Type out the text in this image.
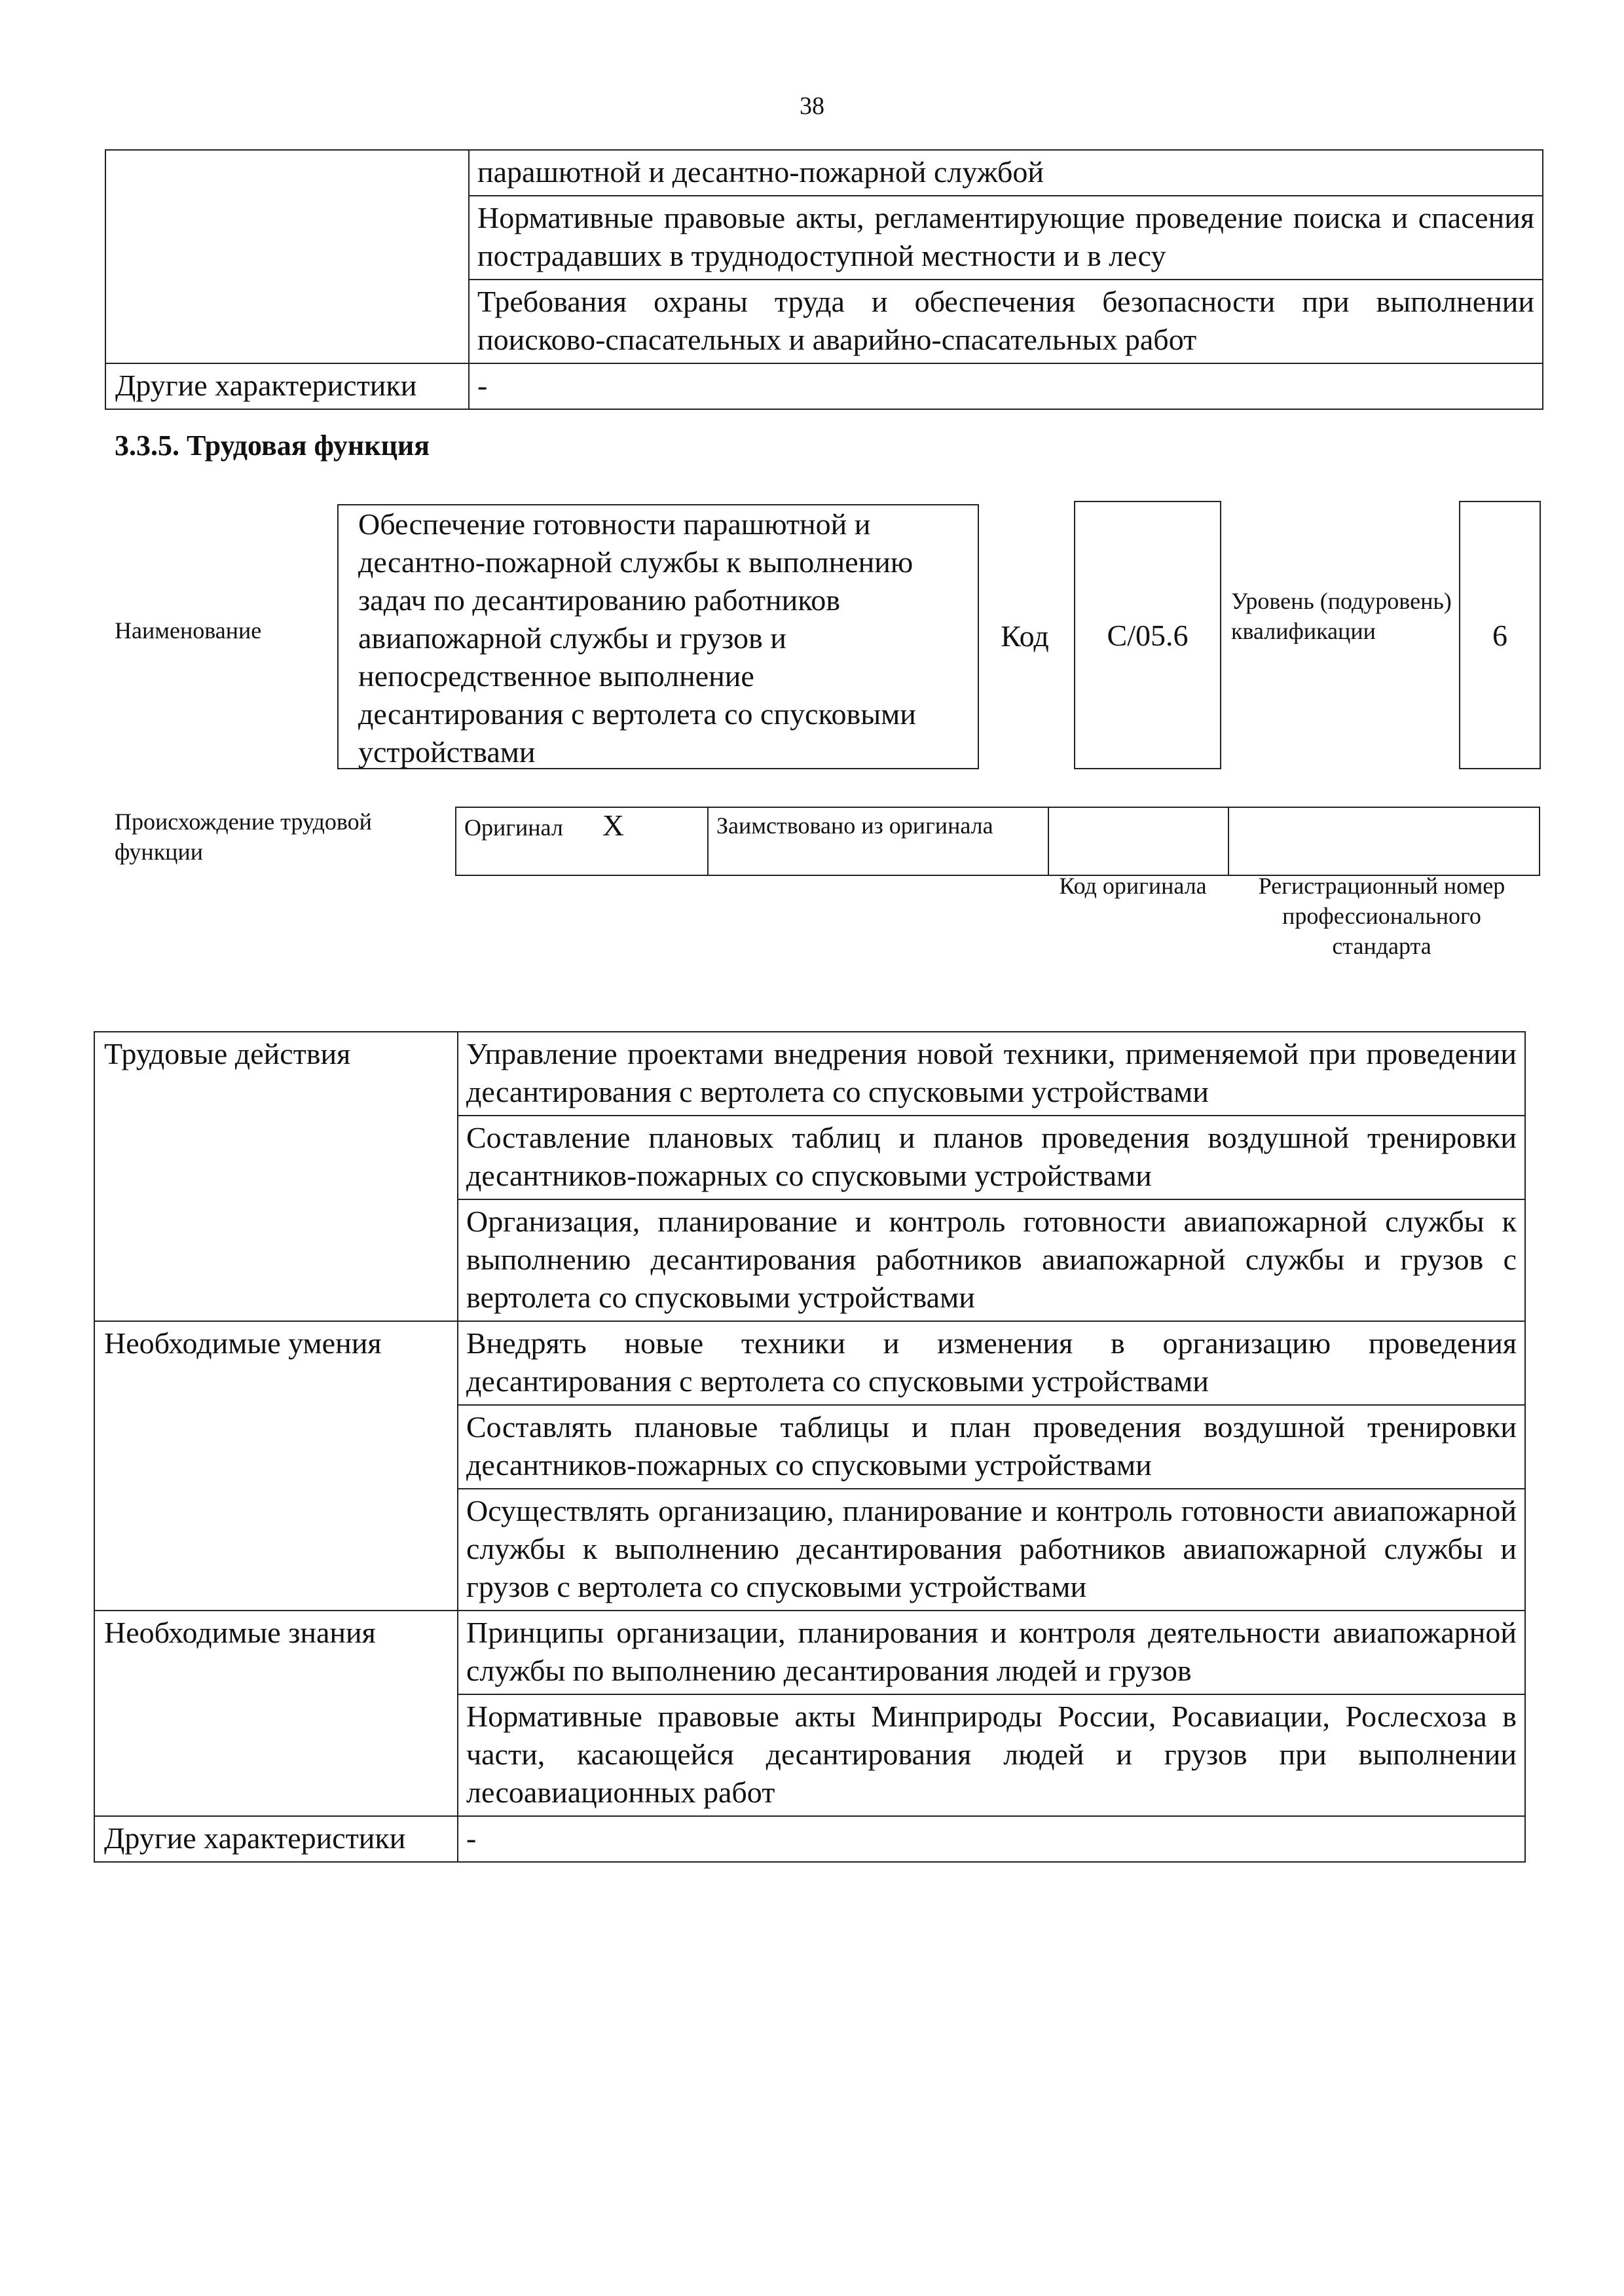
38
	парашютной и десантно-пожарной службой
	Нормативные правовые акты, регламентирующие проведение поиска и спасения пострадавших в труднодоступной местности и в лесу
	Требования охраны труда и обеспечения безопасности при выполнении поисково-спасательных и аварийно-спасательных работ
Другие характеристики	-
3.3.5. Трудовая функция
Наименование
Обеспечение готовности парашютной и десантно-пожарной службы к выполнению задач по десантированию работников авиапожарной службы и грузов и непосредственное выполнение десантирования с вертолета со спусковыми устройствами
Код	C/05.6
Уровень (подуровень) квалификации	6
Происхождение трудовой функции
Оригинал X	Заимствовано из оригинала		
Код оригинала	Регистрационный номер профессионального стандарта
Трудовые действия	Управление проектами внедрения новой техники, применяемой при проведении десантирования с вертолета со спусковыми устройствами
	Составление плановых таблиц и планов проведения воздушной тренировки десантников-пожарных со спусковыми устройствами
	Организация, планирование и контроль готовности авиапожарной службы к выполнению десантирования работников авиапожарной службы и грузов с вертолета со спусковыми устройствами
Необходимые умения	Внедрять новые техники и изменения в организацию проведения десантирования с вертолета со спусковыми устройствами
	Составлять плановые таблицы и план проведения воздушной тренировки десантников-пожарных со спусковыми устройствами
	Осуществлять организацию, планирование и контроль готовности авиапожарной службы к выполнению десантирования работников авиапожарной службы и грузов с вертолета со спусковыми устройствами
Необходимые знания	Принципы организации, планирования и контроля деятельности авиапожарной службы по выполнению десантирования людей и грузов
	Нормативные правовые акты Минприроды России, Росавиации, Рослесхоза в части, касающейся десантирования людей и грузов при выполнении лесоавиационных работ
Другие характеристики	-
